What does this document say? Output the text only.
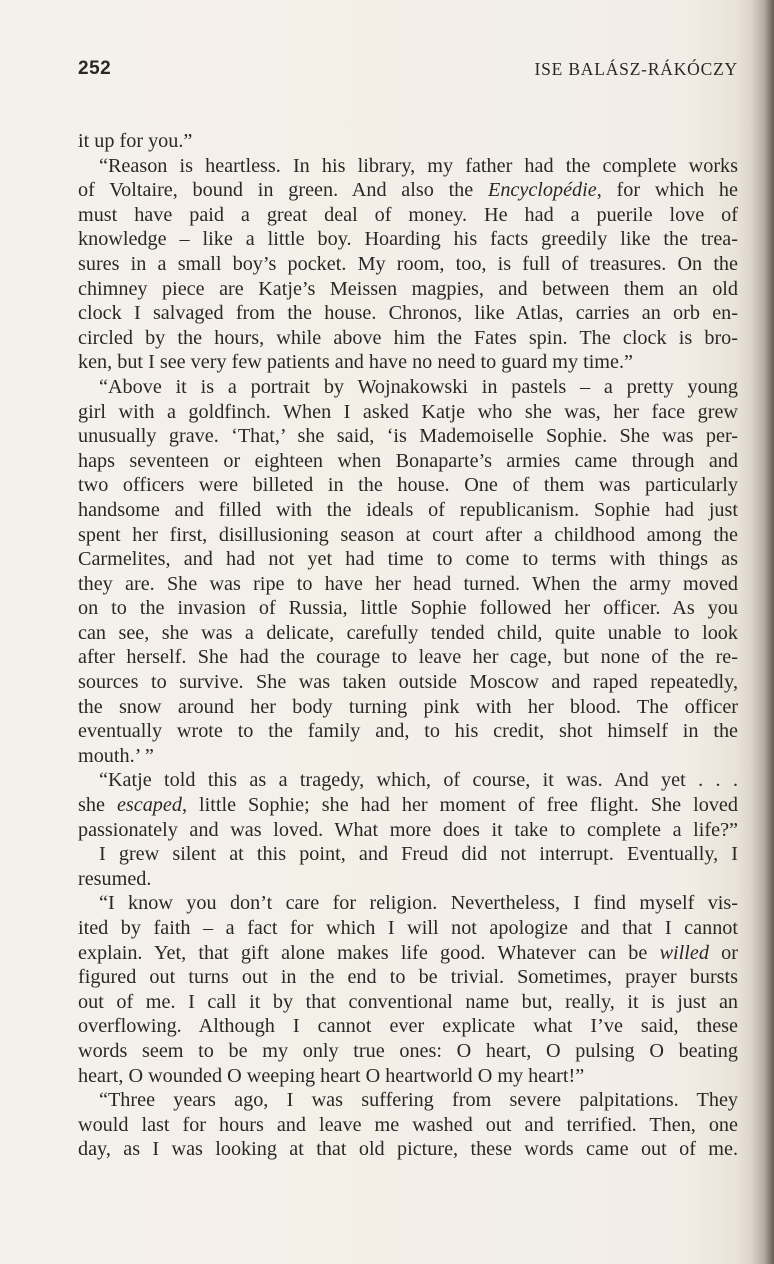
252	ISE BALÁSZ-RÁKÓCZY
it up for you.”
“Reason is heartless. In his library, my father had the complete works
of Voltaire, bound in green. And also the Encyclopédie, for which he
must have paid a great deal of money. He had a puerile love of
knowledge – like a little boy. Hoarding his facts greedily like the trea-
sures in a small boy’s pocket. My room, too, is full of treasures. On the
chimney piece are Katje’s Meissen magpies, and between them an old
clock I salvaged from the house. Chronos, like Atlas, carries an orb en-
circled by the hours, while above him the Fates spin. The clock is bro-
ken, but I see very few patients and have no need to guard my time.”
“Above it is a portrait by Wojnakowski in pastels – a pretty young
girl with a goldfinch. When I asked Katje who she was, her face grew
unusually grave. ‘That,’ she said, ‘is Mademoiselle Sophie. She was per-
haps seventeen or eighteen when Bonaparte’s armies came through and
two officers were billeted in the house. One of them was particularly
handsome and filled with the ideals of republicanism. Sophie had just
spent her first, disillusioning season at court after a childhood among the
Carmelites, and had not yet had time to come to terms with things as
they are. She was ripe to have her head turned. When the army moved
on to the invasion of Russia, little Sophie followed her officer. As you
can see, she was a delicate, carefully tended child, quite unable to look
after herself. She had the courage to leave her cage, but none of the re-
sources to survive. She was taken outside Moscow and raped repeatedly,
the snow around her body turning pink with her blood. The officer
eventually wrote to the family and, to his credit, shot himself in the
mouth.’ ”
“Katje told this as a tragedy, which, of course, it was. And yet . . .
she escaped, little Sophie; she had her moment of free flight. She loved
passionately and was loved. What more does it take to complete a life?”
I grew silent at this point, and Freud did not interrupt. Eventually, I
resumed.
“I know you don’t care for religion. Nevertheless, I find myself vis-
ited by faith – a fact for which I will not apologize and that I cannot
explain. Yet, that gift alone makes life good. Whatever can be willed or
figured out turns out in the end to be trivial. Sometimes, prayer bursts
out of me. I call it by that conventional name but, really, it is just an
overflowing. Although I cannot ever explicate what I’ve said, these
words seem to be my only true ones: O heart, O pulsing O beating
heart, O wounded O weeping heart O heartworld O my heart!”
“Three years ago, I was suffering from severe palpitations. They
would last for hours and leave me washed out and terrified. Then, one
day, as I was looking at that old picture, these words came out of me.
